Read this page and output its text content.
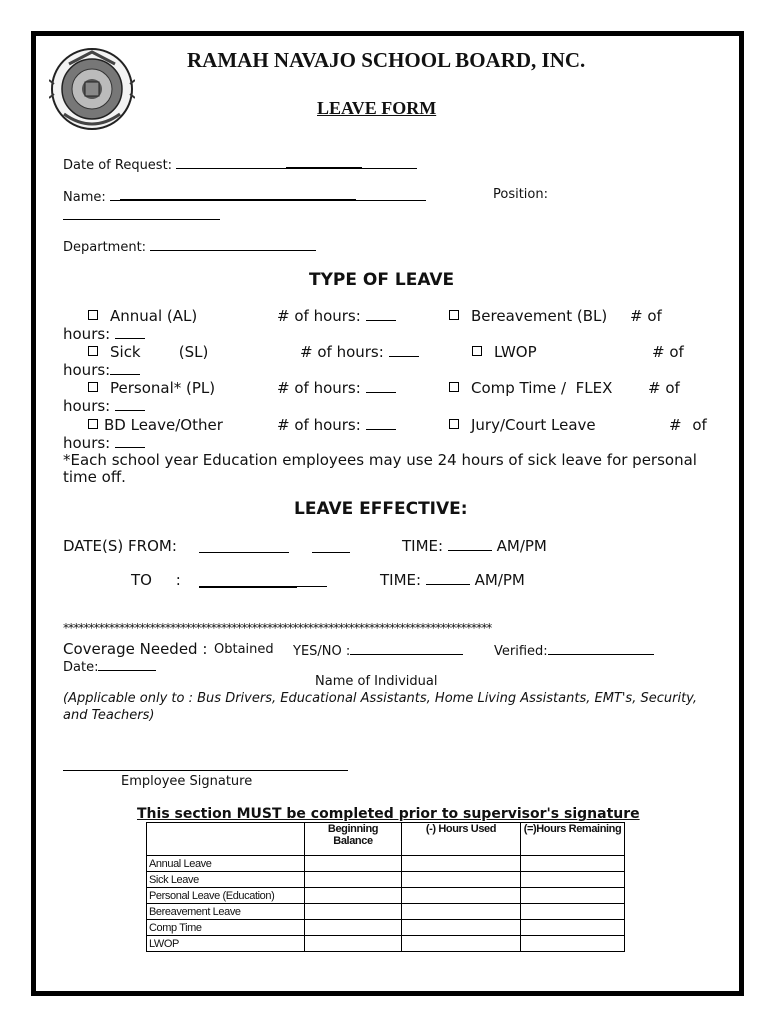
RAMAH NAVAJO SCHOOL BOARD, INC.
LEAVE FORM
Date of Request:
Name:	Position:
Department:
TYPE OF LEAVE
Annual (AL)	# of hours:	Bereavement (BL) # of
hours:
Sick        (SL)	# of hours:	LWOP	# of
hours:
Personal* (PL)	# of hours:	Comp Time /  FLEX # of
hours:
BD Leave/Other	# of hours:	Jury/Court Leave	# of
hours:
*Each school year Education employees may use 24 hours of sick leave for personal time off.
LEAVE EFFECTIVE:
DATE(S) FROM:	TIME:	AM/PM
TO     :	TIME:	AM/PM
************************************************************************************
Coverage Needed : Obtained YES/NO :	Verified:
Date:
Name of Individual
(Applicable only to : Bus Drivers, Educational Assistants, Home Living Assistants, EMT's, Security, and Teachers)
Employee Signature
This section MUST be completed prior to supervisor's signature
	Beginning Balance	(-) Hours Used	(=)Hours Remaining
Annual Leave			
Sick Leave			
Personal Leave (Education)			
Bereavement Leave			
Comp Time			
LWOP			
